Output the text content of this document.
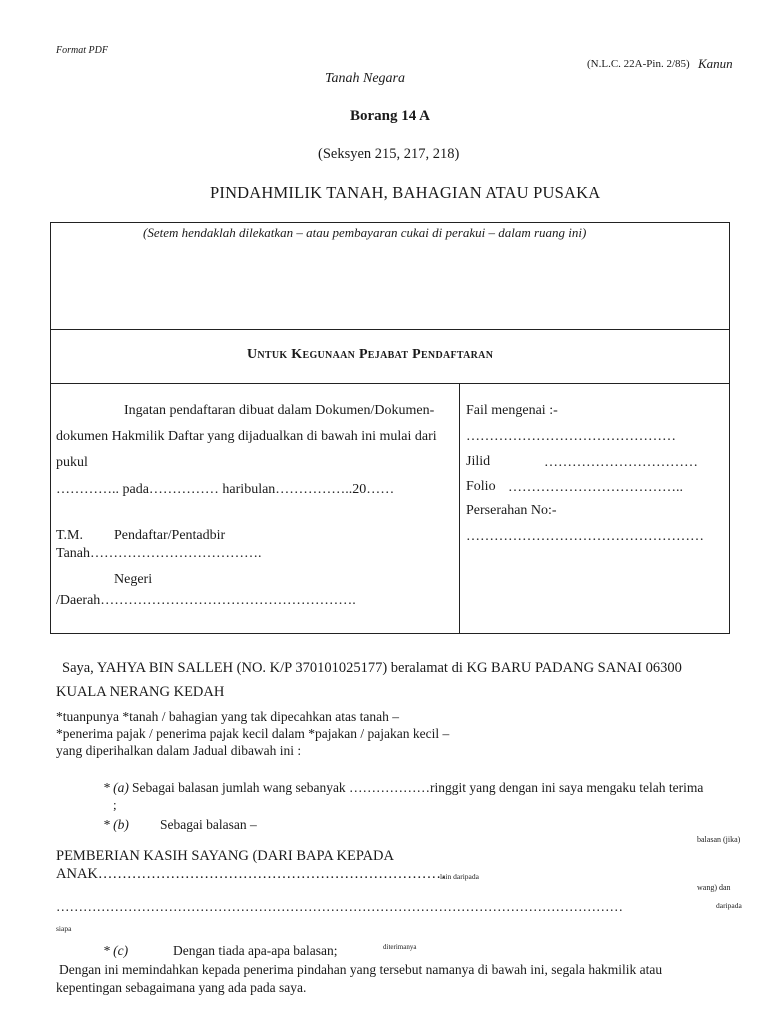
Format PDF
(N.L.C. 22A-Pin. 2/85) Kanun
Tanah Negara
Borang 14 A
(Seksyen 215, 217, 218)
PINDAHMILIK TANAH, BAHAGIAN ATAU PUSAKA
(Setem hendaklah dilekatkan – atau pembayaran cukai di perakui – dalam ruang ini)
Untuk Kegunaan Pejabat Pendaftaran
Ingatan pendaftaran dibuat dalam Dokumen/Dokumen-
dokumen Hakmilik Daftar yang dijadualkan di bawah ini mulai dari
pukul
………….. pada…………… haribulan……………..20……
T.M. Pendaftar/Pentadbir
Tanah……………………………….
Negeri
/Daerah……………………………………………….
Fail mengenai :-
………………………………………
Jilid	……………………………
Folio ………………………………..
Perserahan No:-
……………………………………………
Saya, YAHYA BIN SALLEH (NO. K/P 370101025177) beralamat di KG BARU PADANG SANAI 06300
KUALA NERANG KEDAH
*tuanpunya *tanah / bahagian yang tak dipecahkan atas tanah –
*penerima pajak / penerima pajak kecil dalam *pajakan / pajakan kecil –
yang diperihalkan dalam Jadual dibawah ini :
* (a) Sebagai balasan jumlah wang sebanyak ………………ringgit yang dengan ini saya mengaku telah terima
;
* (b) Sebagai balasan –
balasan (jika)
PEMBERIAN KASIH SAYANG (DARI BAPA KEPADA
ANAK………………………………………………………………
lain daripada
wang) dan
………………………………………………………………………………………………………………	daripada
siapa
* (c)	Dengan tiada apa-apa balasan;	diterimanya
Dengan ini memindahkan kepada penerima pindahan yang tersebut namanya di bawah ini, segala hakmilik atau
kepentingan sebagaimana yang ada pada saya.
